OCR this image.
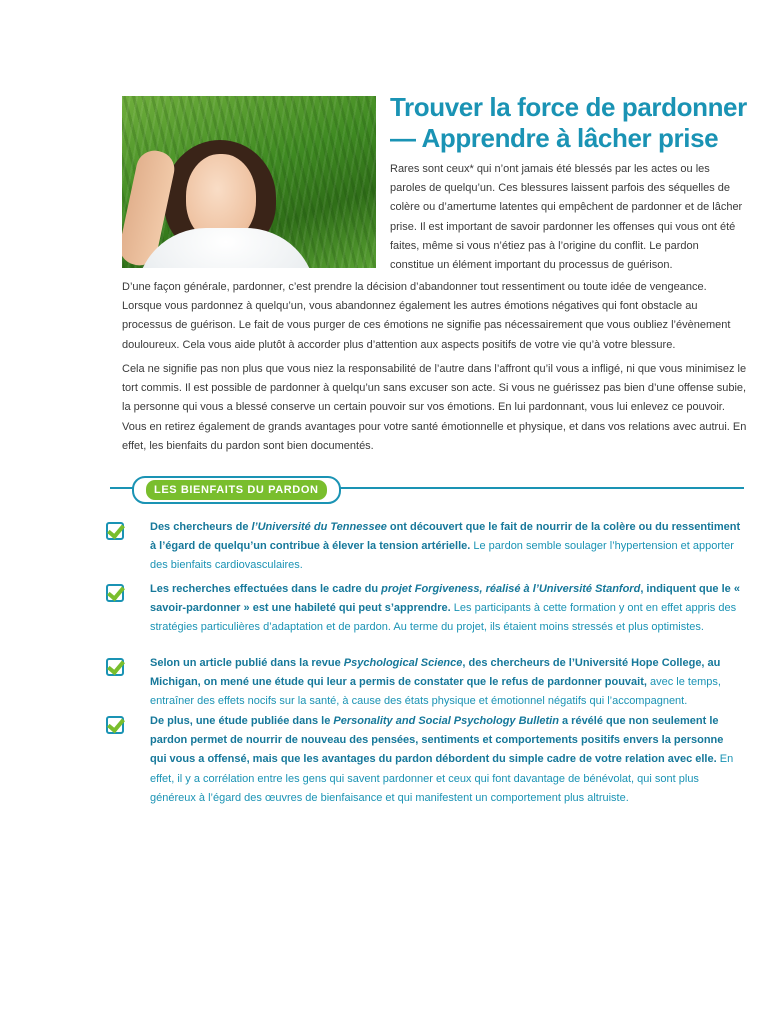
Trouver la force de pardonner — Apprendre à lâcher prise
Rares sont ceux* qui n’ont jamais été blessés par les actes ou les paroles de quelqu’un. Ces blessures laissent parfois des séquelles de colère ou d’amertume latentes qui empêchent de pardonner et de lâcher prise. Il est important de savoir pardonner les offenses qui vous ont été faites, même si vous n’étiez pas à l’origine du conflit. Le pardon constitue un élément important du processus de guérison.
D’une façon générale, pardonner, c’est prendre la décision d’abandonner tout ressentiment ou toute idée de vengeance. Lorsque vous pardonnez à quelqu’un, vous abandonnez également les autres émotions négatives qui font obstacle au processus de guérison. Le fait de vous purger de ces émotions ne signifie pas nécessairement que vous oubliez l’évènement douloureux. Cela vous aide plutôt à accorder plus d’attention aux aspects positifs de votre vie qu’à votre blessure.
Cela ne signifie pas non plus que vous niez la responsabilité de l’autre dans l’affront qu’il vous a infligé, ni que vous minimisez le tort commis. Il est possible de pardonner à quelqu’un sans excuser son acte. Si vous ne guérissez pas bien d’une offense subie, la personne qui vous a blessé conserve un certain pouvoir sur vos émotions. En lui pardonnant, vous lui enlevez ce pouvoir. Vous en retirez également de grands avantages pour votre santé émotionnelle et physique, et dans vos relations avec autrui. En effet, les bienfaits du pardon sont bien documentés.
LES BIENFAITS DU PARDON
Des chercheurs de l’Université du Tennessee ont découvert que le fait de nourrir de la colère ou du ressentiment à l’égard de quelqu’un contribue à élever la tension artérielle. Le pardon semble soulager l’hypertension et apporter des bienfaits cardiovasculaires.
Les recherches effectuées dans le cadre du projet Forgiveness, réalisé à l’Université Stanford, indiquent que le « savoir-pardonner » est une habileté qui peut s’apprendre. Les participants à cette formation y ont en effet appris des stratégies particulières d’adaptation et de pardon. Au terme du projet, ils étaient moins stressés et plus optimistes.
Selon un article publié dans la revue Psychological Science, des chercheurs de l’Université Hope College, au Michigan, on mené une étude qui leur a permis de constater que le refus de pardonner pouvait, avec le temps, entraîner des effets nocifs sur la santé, à cause des états physique et émotionnel négatifs qui l’accompagnent.
De plus, une étude publiée dans le Personality and Social Psychology Bulletin a révélé que non seulement le pardon permet de nourrir de nouveau des pensées, sentiments et comportements positifs envers la personne qui vous a offensé, mais que les avantages du pardon débordent du simple cadre de votre relation avec elle. En effet, il y a corrélation entre les gens qui savent pardonner et ceux qui font davantage de bénévolat, qui sont plus généreux à l’égard des œuvres de bienfaisance et qui manifestent un comportement plus altruiste.
